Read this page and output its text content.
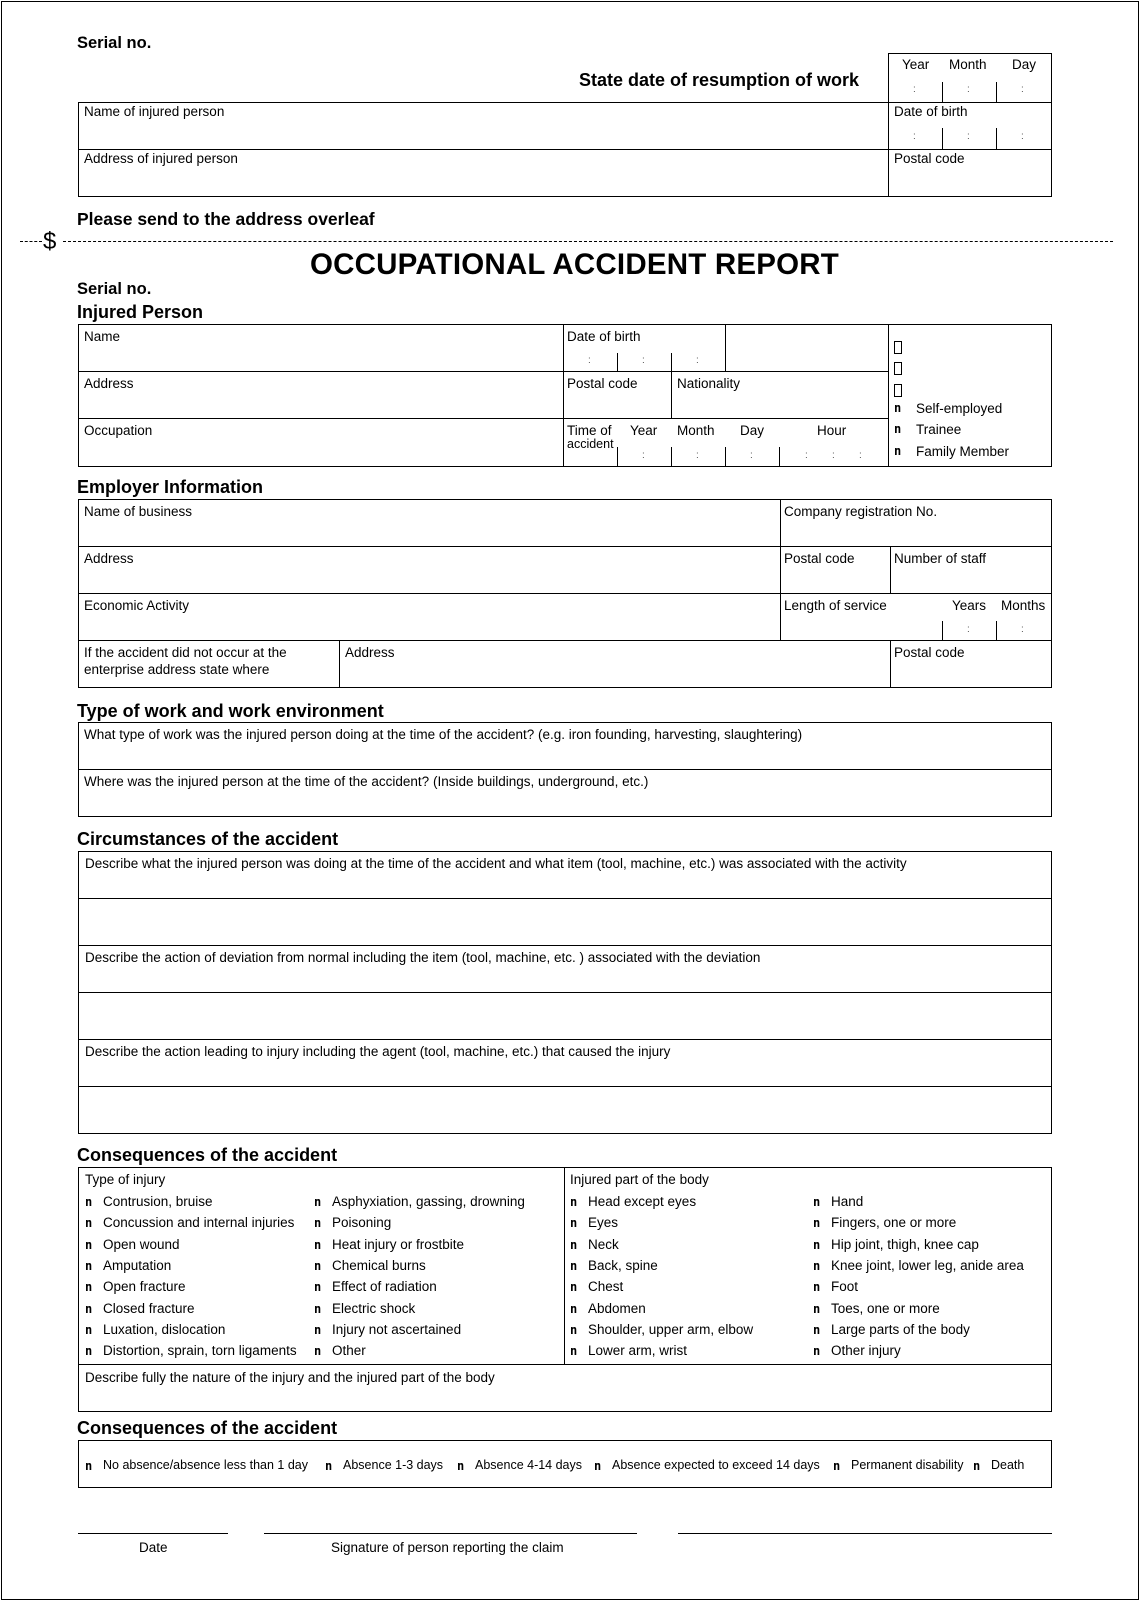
Serial no.
State date of resumption of work
Year Month Day
:	:	:
Name of injured person	Date of birth
:	:	:
Address of injured person	Postal code
Please send to the address overleaf
$
OCCUPATIONAL ACCIDENT REPORT
Serial no.
Injured Person
Name	Date of birth
:	:	:
Address	Postal code	Nationality
Occupation	Time of
accident
Year Month Day	Hour
:	:	:	: : :
n Self-employed
n Trainee
n Family Member
Employer Information
Name of business	Company registration No.
Address	Postal code	Number of staff
Economic Activity	Length of service	Years Months
:	:
If the accident did not occur at the
enterprise address state where
Address	Postal code
Type of work and work environment
What type of work was the injured person doing at the time of the accident? (e.g. iron founding, harvesting, slaughtering)
Where was the injured person at the time of the accident? (Inside buildings, underground, etc.)
Circumstances of the accident
Describe what the injured person was doing at the time of the accident and what item (tool, machine, etc.) was associated with the activity
Describe the action of deviation from normal including the item (tool, machine, etc. ) associated with the deviation
Describe the action leading to injury including the agent (tool, machine, etc.) that caused the injury
Consequences of the accident
Type of injury	Injured part of the body
n Contrusion, bruise
n Concussion and internal injuries
n Open wound
n Amputation
n Open fracture
n Closed fracture
n Luxation, dislocation
n Distortion, sprain, torn ligaments
n Asphyxiation, gassing, drowning
n Poisoning
n Heat injury or frostbite
n Chemical burns
n Effect of radiation
n Electric shock
n Injury not ascertained
n Other
n Head except eyes
n Eyes
n Neck
n Back, spine
n Chest
n Abdomen
n Shoulder, upper arm, elbow
n Lower arm, wrist
n Hand
n Fingers, one or more
n Hip joint, thigh, knee cap
n Knee joint, lower leg, anide area
n Foot
n Toes, one or more
n Large parts of the body
n Other injury
Describe fully the nature of the injury and the injured part of the body
Consequences of the accident
n No absence/absence less than 1 day n Absence 1-3 days n Absence 4-14 days n Absence expected to exceed 14 days n Permanent disability n Death
Date	Signature of person reporting the claim
